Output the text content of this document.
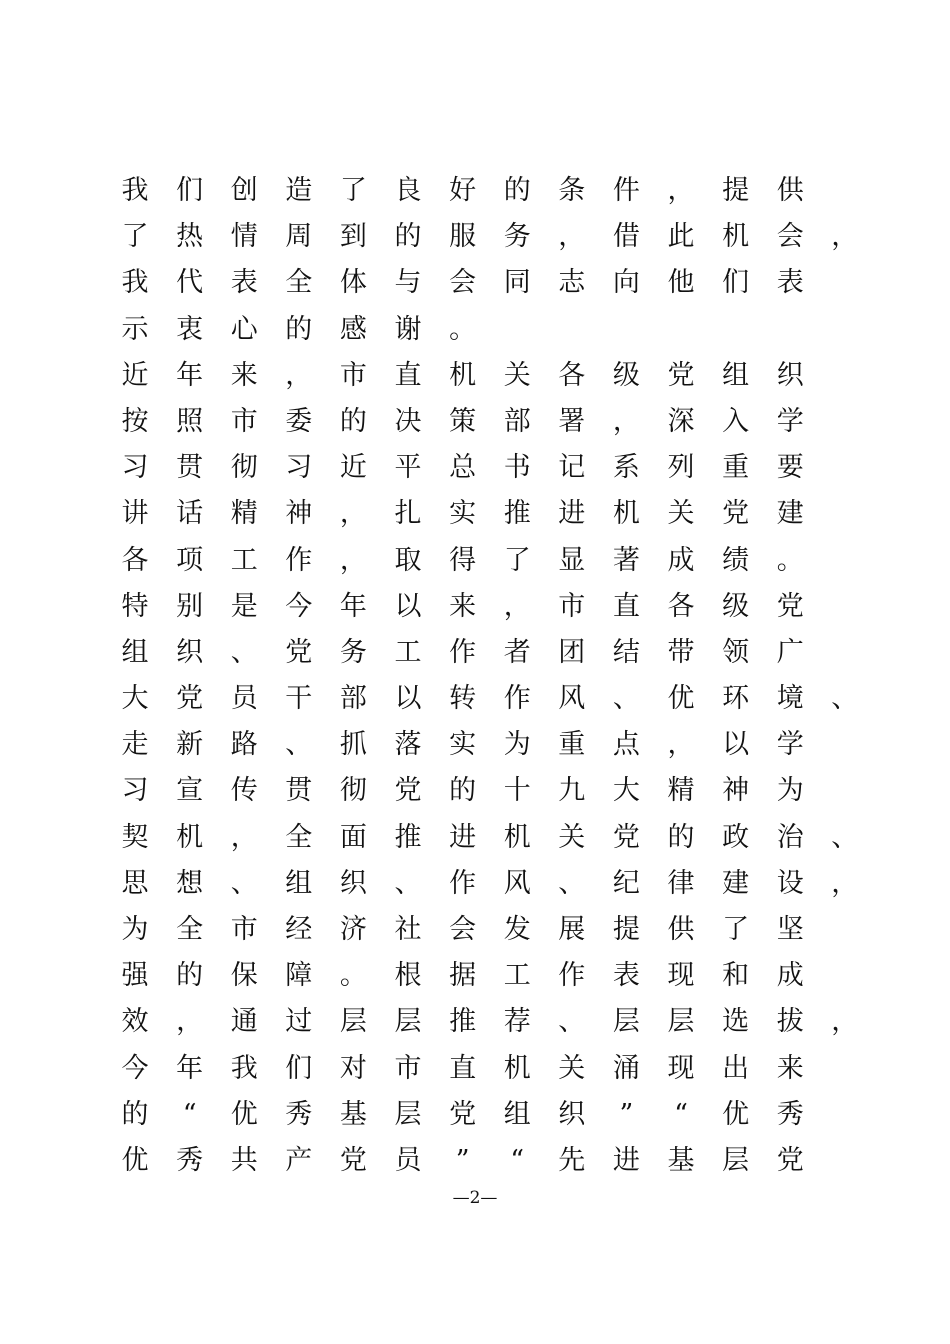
我 们 创 造 了 良 好 的 条 件 ， 提 供
了 热 情 周 到 的 服 务 ， 借 此 机 会 ，
我 代 表 全 体 与 会 同 志 向 他 们 表
示 衷 心 的 感 谢 。
近 年 来 ， 市 直 机 关 各 级 党 组 织
按 照 市 委 的 决 策 部 署 ， 深 入 学
习 贯 彻 习 近 平 总 书 记 系 列 重 要
讲 话 精 神 ， 扎 实 推 进 机 关 党 建
各 项 工 作 ， 取 得 了 显 著 成 绩 。
特 别 是 今 年 以 来 ， 市 直 各 级 党
组 织 、 党 务 工 作 者 团 结 带 领 广
大 党 员 干 部 以 转 作 风 、 优 环 境 、
走 新 路 、 抓 落 实 为 重 点 ， 以 学
习 宣 传 贯 彻 党 的 十 九 大 精 神 为
契 机 ， 全 面 推 进 机 关 党 的 政 治 、
思 想 、 组 织 、 作 风 、 纪 律 建 设 ，
为 全 市 经 济 社 会 发 展 提 供 了 坚
强 的 保 障 。 根 据 工 作 表 现 和 成
效 ， 通 过 层 层 推 荐 、 层 层 选 拔 ，
今 年 我 们 对 市 直 机 关 涌 现 出 来
的 “ 优 秀 基 层 党 组 织 ” “ 优 秀
优 秀 共 产 党 员 ” “ 先 进 基 层 党
—2—
